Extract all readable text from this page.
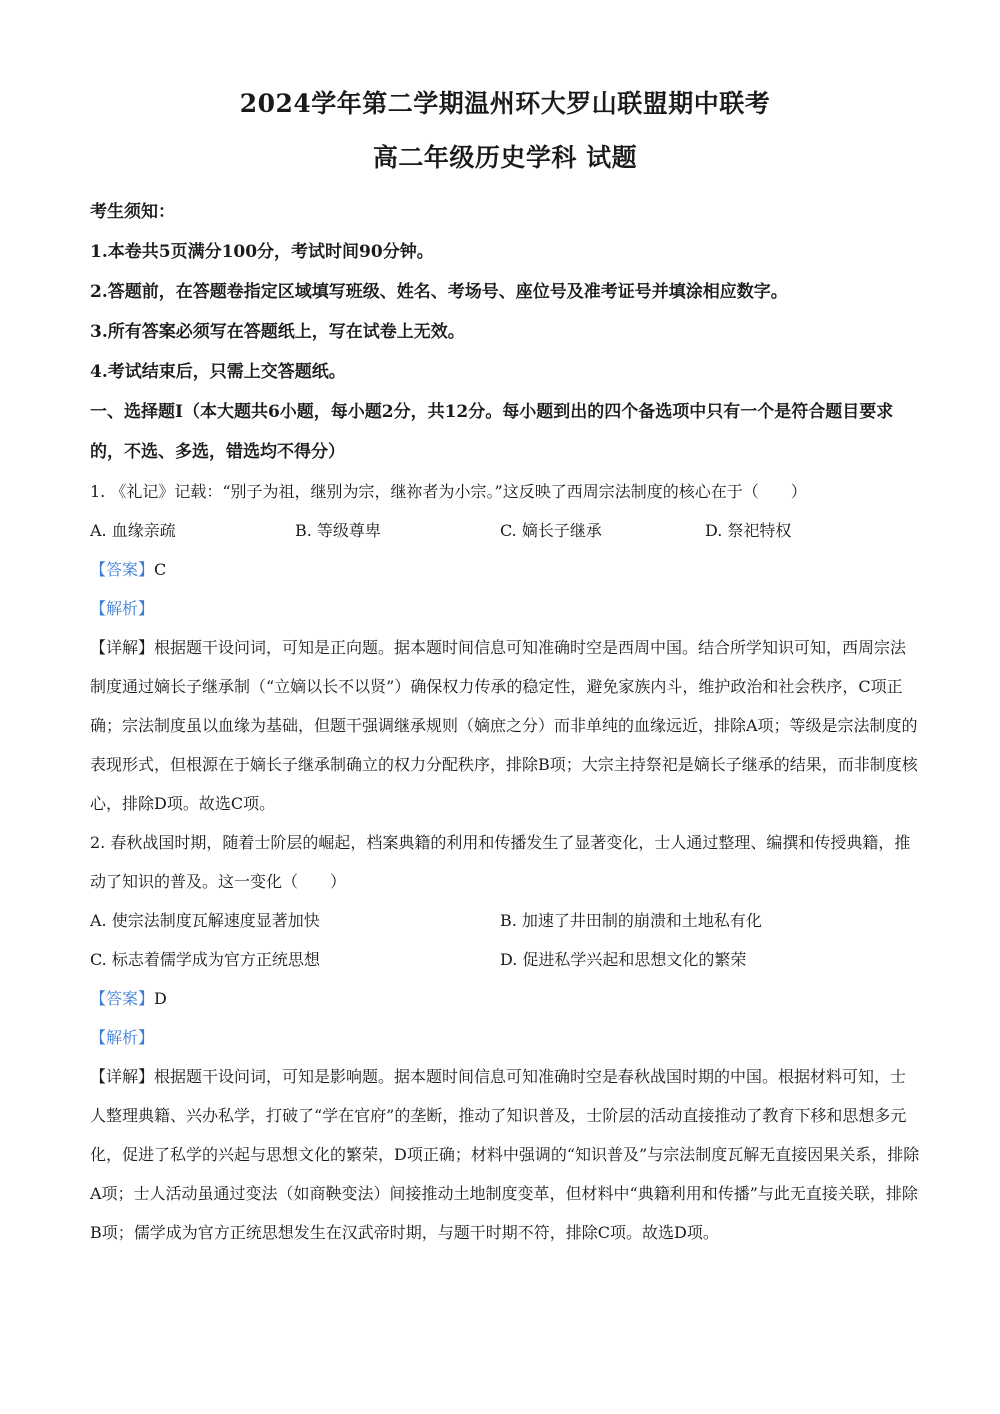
2024学年第二学期温州环大罗山联盟期中联考
高二年级历史学科 试题
考生须知：
1.本卷共5页满分100分，考试时间90分钟。
2.答题前，在答题卷指定区域填写班级、姓名、考场号、座位号及准考证号并填涂相应数字。
3.所有答案必须写在答题纸上，写在试卷上无效。
4.考试结束后，只需上交答题纸。
一、选择题Ⅰ（本大题共6小题，每小题2分，共12分。每小题到出的四个备选项中只有一个是符合题目要求的，不选、多选，错选均不得分）
1. 《礼记》记载：“别子为祖，继别为宗，继祢者为小宗。”这反映了西周宗法制度的核心在于（　　）
A. 血缘亲疏	B. 等级尊卑	C. 嫡长子继承	D. 祭祀特权
【答案】C
【解析】
【详解】根据题干设问词，可知是正向题。据本题时间信息可知准确时空是西周中国。结合所学知识可知，西周宗法制度通过嫡长子继承制（“立嫡以长不以贤”）确保权力传承的稳定性，避免家族内斗，维护政治和社会秩序，C项正确；宗法制度虽以血缘为基础，但题干强调继承规则（嫡庶之分）而非单纯的血缘远近，排除A项；等级是宗法制度的表现形式，但根源在于嫡长子继承制确立的权力分配秩序，排除B项；大宗主持祭祀是嫡长子继承的结果，而非制度核心，排除D项。故选C项。
2. 春秋战国时期，随着士阶层的崛起，档案典籍的利用和传播发生了显著变化，士人通过整理、编撰和传授典籍，推动了知识的普及。这一变化（　　）
A. 使宗法制度瓦解速度显著加快	B. 加速了井田制的崩溃和土地私有化
C. 标志着儒学成为官方正统思想	D. 促进私学兴起和思想文化的繁荣
【答案】D
【解析】
【详解】根据题干设问词，可知是影响题。据本题时间信息可知准确时空是春秋战国时期的中国。根据材料可知，士人整理典籍、兴办私学，打破了“学在官府”的垄断，推动了知识普及，士阶层的活动直接推动了教育下移和思想多元化，促进了私学的兴起与思想文化的繁荣，D项正确；材料中强调的“知识普及”与宗法制度瓦解无直接因果关系，排除A项；士人活动虽通过变法（如商鞅变法）间接推动土地制度变革，但材料中“典籍利用和传播”与此无直接关联，排除B项；儒学成为官方正统思想发生在汉武帝时期，与题干时期不符，排除C项。故选D项。
